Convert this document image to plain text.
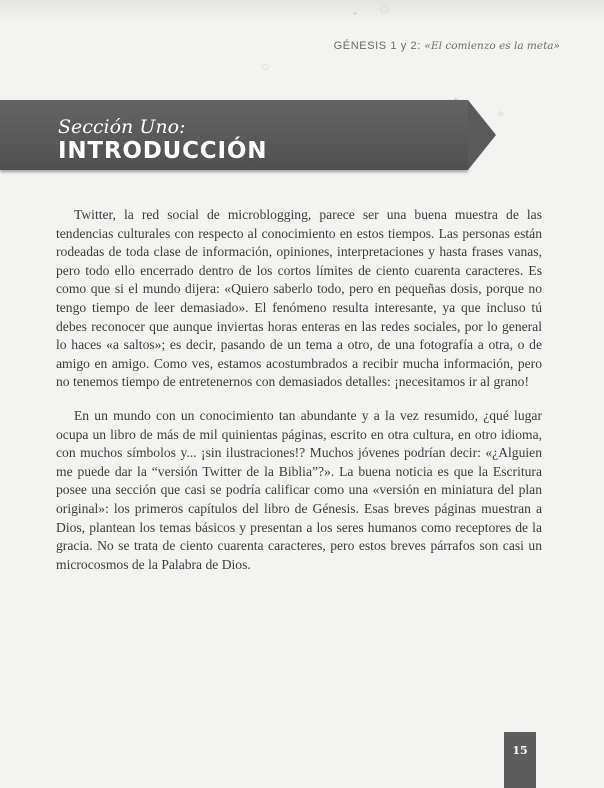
✦ ○
○
✧
GÉNESIS 1 y 2: «El comienzo es la meta»
Sección Uno:
INTRODUCCIÓN

Twitter, la red social de microblogging, parece ser una buena muestra de las tendencias culturales con respecto al conocimiento en estos tiempos. Las personas están rodeadas de toda clase de información, opiniones, interpretaciones y hasta frases vanas, pero todo ello encerrado dentro de los cortos límites de ciento cuarenta caracteres. Es como que si el mundo dijera: «Quiero saberlo todo, pero en pequeñas dosis, porque no tengo tiempo de leer demasiado». El fenómeno resulta interesante, ya que incluso tú debes reconocer que aunque inviertas horas enteras en las redes sociales, por lo general lo haces «a saltos»; es decir, pasando de un tema a otro, de una fotografía a otra, o de amigo en amigo. Como ves, estamos acostumbrados a recibir mucha información, pero no tenemos tiempo de entretenernos con demasiados detalles: ¡necesitamos ir al grano!

En un mundo con un conocimiento tan abundante y a la vez resumido, ¿qué lugar ocupa un libro de más de mil quinientas páginas, escrito en otra cultura, en otro idioma, con muchos símbolos y... ¡sin ilustraciones!? Muchos jóvenes podrían decir: «¿Alguien me puede dar la “versión Twitter de la Biblia”?». La buena noticia es que la Escritura posee una sección que casi se podría calificar como una «versión en miniatura del plan original»: los primeros capítulos del libro de Génesis. Esas breves páginas muestran a Dios, plantean los temas básicos y presentan a los seres humanos como receptores de la gracia. No se trata de ciento cuarenta caracteres, pero estos breves párrafos son casi un microcosmos de la Palabra de Dios.

15
